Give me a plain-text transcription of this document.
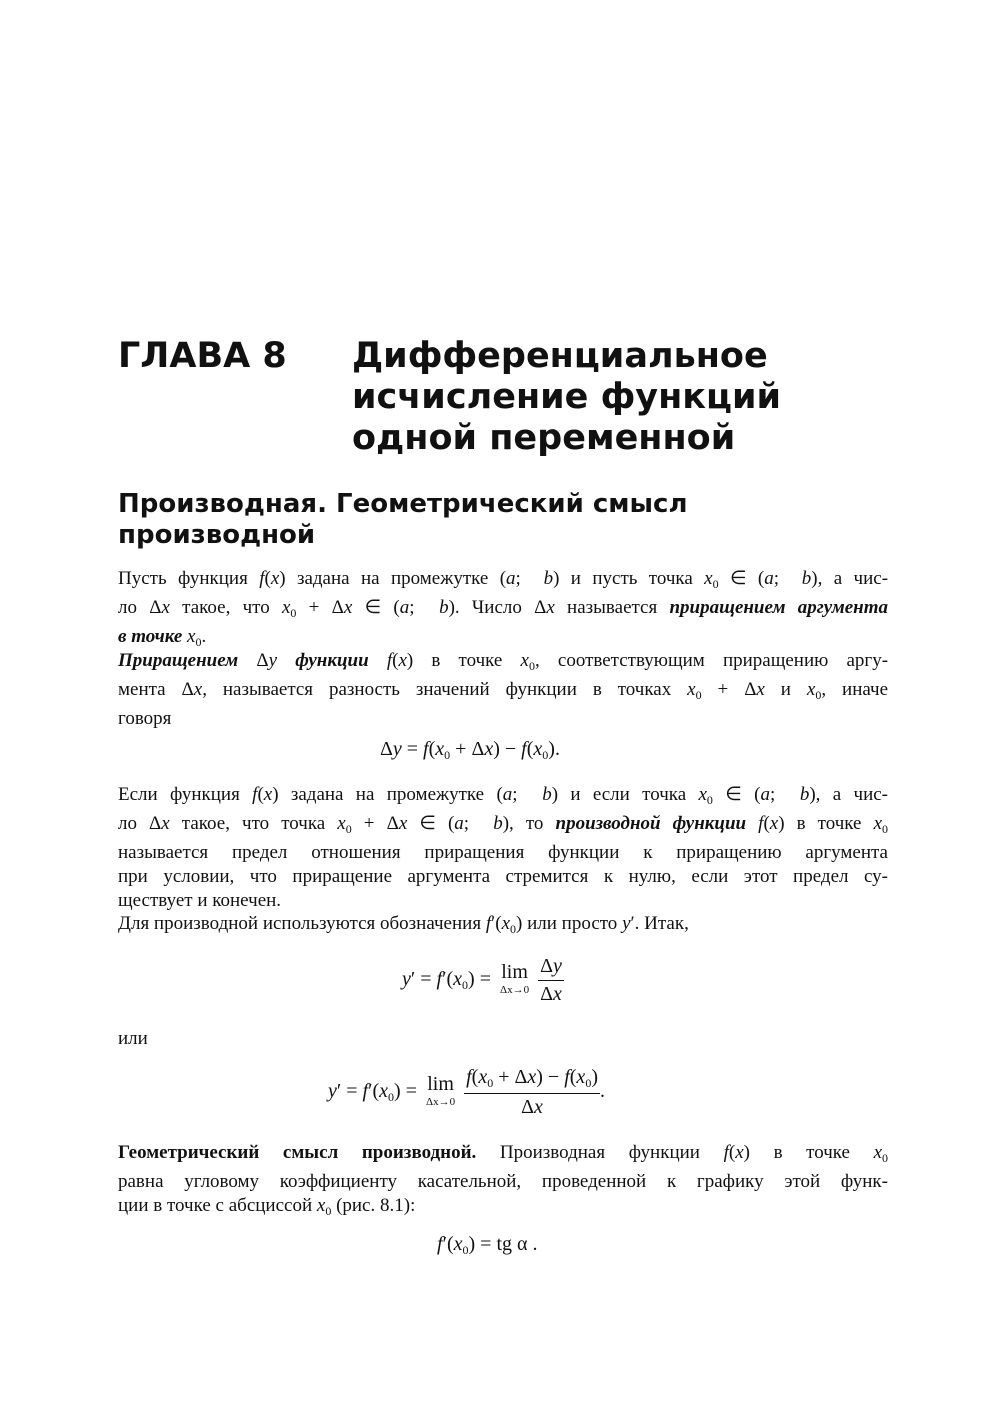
ГЛАВА 8 Дифференциальное
исчисление функций
одной переменной
Производная. Геометрический смысл производной
Пусть функция f(x) задана на промежутке (a;  b) и пусть точка $x_0$ ∈ (a;  b), а чис-
ло Δx такое, что $x_0 + \Delta x$ ∈ (a;  b). Число Δx называется приращением аргумента
в точке $x_0$.
Приращением Δy функции f(x) в точке $x_0$, соответствующим приращению аргу-
мента Δx, называется разность значений функции в точках $x_0 + \Delta x$ и $x_0$, иначе
говоря
$\Delta y = f(x_0 + \Delta x) - f(x_0)$.
Если функция f(x) задана на промежутке (a;  b) и если точка $x_0$ ∈ (a;  b), а чис-
ло Δx такое, что точка $x_0 + \Delta x$ ∈ (a;  b), то производной функции f(x) в точке $x_0$
называется предел отношения приращения функции к приращению аргумента
при условии, что приращение аргумента стремится к нулю, если этот предел су-
ществует и конечен.
Для производной используются обозначения $f'(x_0)$ или просто y′. Итак,
$y' = f'(x_0) = \lim$
Δx→0
$\frac{\Delta y}{\Delta x}$
или
$y' = f'(x_0) = \lim$
Δx→0
$\frac{f(x_0 + \Delta x) - f(x_0)}{\Delta x}$ .
Геометрический смысл производной. Производная функции f(x) в точке $x_0$
равна угловому коэффициенту касательной, проведенной к графику этой функ-
ции в точке с абсциссой $x_0$ (рис. 8.1):
$f'(x_0)$ = tg α .
